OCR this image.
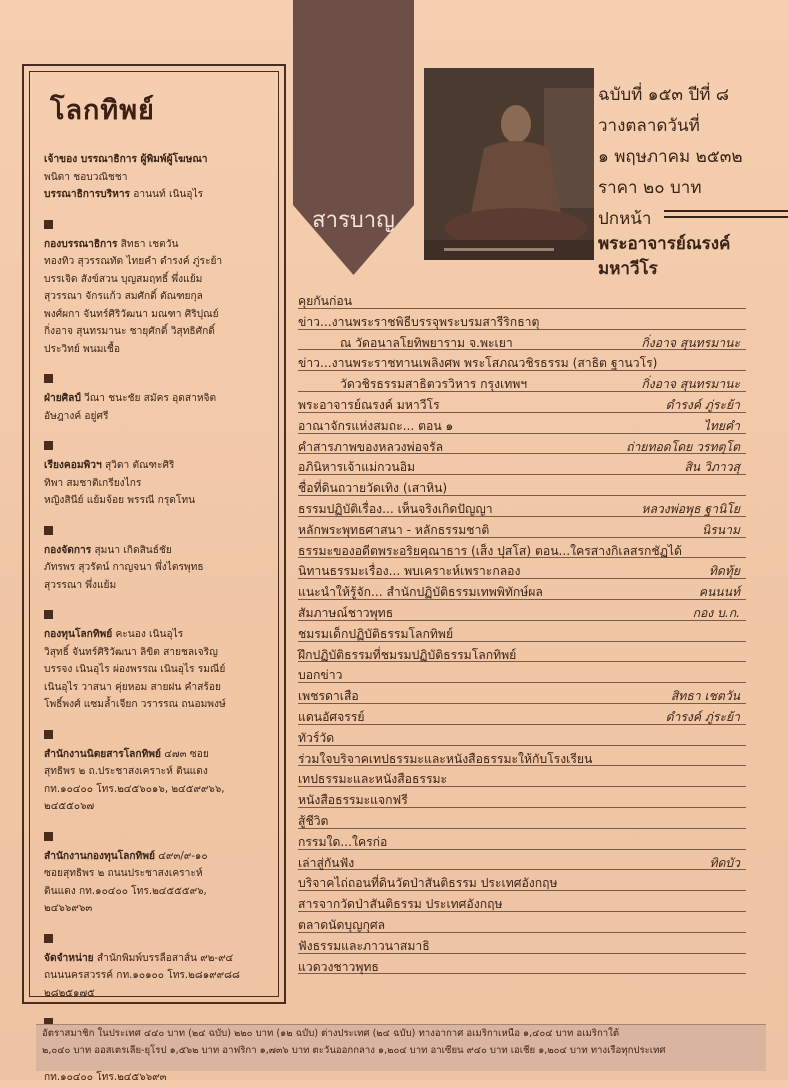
โลกทิพย์
เจ้าของ บรรณาธิการ ผู้พิมพ์ผู้โฆษณา
พนิดา ชอบวณิชชา
บรรณาธิการบริหาร อานนท์ เนินอุไร
กองบรรณาธิการ สิทธา เชตวัน
ทองทิว สุวรรณทัต ไทยคำ ดำรงค์ ภู่ระย้า
บรรเจิด สังข์สวน บุญสมฤทธิ์ พึ่งแย้ม
สุวรรณา จักรแก้ว สมศักดิ์ ตัณฑยกุล
พงศ์ผกา จันทร์ศิริวัฒนา มณฑา ศิริปุณย์
กิ่งอาจ สุนทรมานะ ชายุศักดิ์ วิสุทธิศักดิ์
ประวิทย์ พนมเชื้อ
ฝ่ายศิลป์ วีณา ชนะชัย สมัคร อุดสาหจิต
อัษฎางค์ อยู่ศรี
เรียงคอมพิวฯ สุวิดา ตัณฑะศิริ
ทิพา สมชาติเกรียงไกร
หญิงสินีย์ แย้มจ้อย พรรณี กรุดโทน
กองจัดการ สุมนา เกิดสินธ์ชัย
ภัทรพร สุวรัตน์ กาญจนา พึ่งไตรพุทธ
สุวรรณา พึ่งแย้ม
กองทุนโลกทิพย์ คะนอง เนินอุไร
วิสุทธิ์ จันทร์ศิริวัฒนา ลิขิต สายชลเจริญ
บรรจง เนินอุไร ผ่องพรรณ เนินอุไร รมณีย์
เนินอุไร วาสนา คุ่ยหอม สายฝน คำสร้อย
โพธิ์พงศ์ แซมล้ำเจียก วรารรณ ถนอมพงษ์
สำนักงานนิตยสารโลกทิพย์ ๔๗๓ ซอย
สุทธิพร ๒ ถ.ประชาสงเคราะห์ ดินแดง
กท.๑๐๔๐๐ โทร.๒๔๕๖๐๑๖, ๒๔๕๙๙๖๖,
๒๔๕๕๐๖๗
สำนักงานกองทุนโลกทิพย์ ๔๙๓/๙-๑๐
ซอยสุทธิพร ๒ ถนนประชาสงเคราะห์
ดินแดง กท.๑๐๔๐๐ โทร.๒๔๕๕๕๙๖,
๒๔๖๖๙๖๓
จัดจำหน่าย สำนักพิมพ์บรรลือสาส์น ๙๒-๙๔
ถนนนครสวรรค์ กท.๑๐๑๐๐ โทร.๒๘๑๙๙๘๘
๒๘๒๕๑๗๕
กท.๑๐๔๐๐ โทร.๒๔๕๖๖๙๓
สารบาญ
ฉบับที่ ๑๕๓ ปีที่ ๘
วางตลาดวันที่
๑ พฤษภาคม ๒๕๓๒
ราคา ๒๐ บาท
ปกหน้า
พระอาจารย์ณรงค์
มหาวีโร
คุยกันก่อน
ข่าว...งานพระราชพิธีบรรจุพระบรมสารีริกธาตุ
ณ วัดอนาลโยทิพยาราม จ.พะเยา	กิ่งอาจ สุนทรมานะ
ข่าว...งานพระราชทานเพลิงศพ พระโสภณวชิรธรรม (สาธิต ฐานวโร)
วัดวชิรธรรมสาธิตวรวิหาร กรุงเทพฯ	กิ่งอาจ สุนทรมานะ
พระอาจารย์ณรงค์ มหาวีโร	ดำรงค์ ภู่ระย้า
อาณาจักรแห่งสมถะ... ตอน ๑	ไทยคำ
คำสารภาพของหลวงพ่อจรัล	ถ่ายทอดโดย วรทตุโต
อภินิหารเจ้าแม่กวนอิม	สิน วิภาวสุ
ชื่อที่ดินถวายวัดเทิง (เสาหิน)
ธรรมปฏิบัติเรื่อง... เห็นจริงเกิดปัญญา	หลวงพ่อพุธ ฐานิโย
หลักพระพุทธศาสนา - หลักธรรมชาติ	นิรนาม
ธรรมะของอดีตพระอริยคุณาธาร (เส็ง ปุสโส) ตอน...ใครสางกิเลสรกชัฏได้
นิทานธรรมะเรื่อง... พบเคราะห์เพราะกลอง	ทิดทุ้ย
แนะนำให้รู้จัก... สำนักปฏิบัติธรรมเทพพิทักษ์ผล	คนนนท์
สัมภาษณ์ชาวพุทธ	กอง บ.ก.
ชมรมเด็กปฏิบัติธรรมโลกทิพย์
ฝึกปฏิบัติธรรมที่ชมรมปฏิบัติธรรมโลกทิพย์
บอกข่าว
เพชรดาเสือ	สิทธา เชตวัน
แดนอัศจรรย์	ดำรงค์ ภู่ระย้า
ทัวร์วัด
ร่วมใจบริจาคเทปธรรมะและหนังสือธรรมะให้กับโรงเรียน
เทปธรรมะและหนังสือธรรมะ
หนังสือธรรมะแจกฟรี
สู้ชีวิต
กรรมใด...ใครก่อ
เล่าสู่กันฟัง	ทิดบัว
บริจาคไถ่ถอนที่ดินวัดป่าสันติธรรม ประเทศอังกฤษ
สารจากวัดป่าสันติธรรม ประเทศอังกฤษ
ตลาดนัดบุญกุศล
ฟังธรรมและภาวนาสมาธิ
แวดวงชาวพุทธ
อัตราสมาชิก ในประเทศ ๔๔๐ บาท (๒๔ ฉบับ) ๒๒๐ บาท (๑๒ ฉบับ) ต่างประเทศ (๒๔ ฉบับ) ทางอากาศ อเมริกาเหนือ ๑,๔๐๔ บาท อเมริกาใต้
๒,๐๔๐ บาท ออสเตรเลีย-ยุโรป ๑,๕๖๒ บาท อาฟริกา ๑,๗๓๖ บาท ตะวันออกกลาง ๑,๒๐๔ บาท อาเซียน ๙๔๐ บาท เอเชีย ๑,๒๐๔ บาท ทางเรือทุกประเทศ
